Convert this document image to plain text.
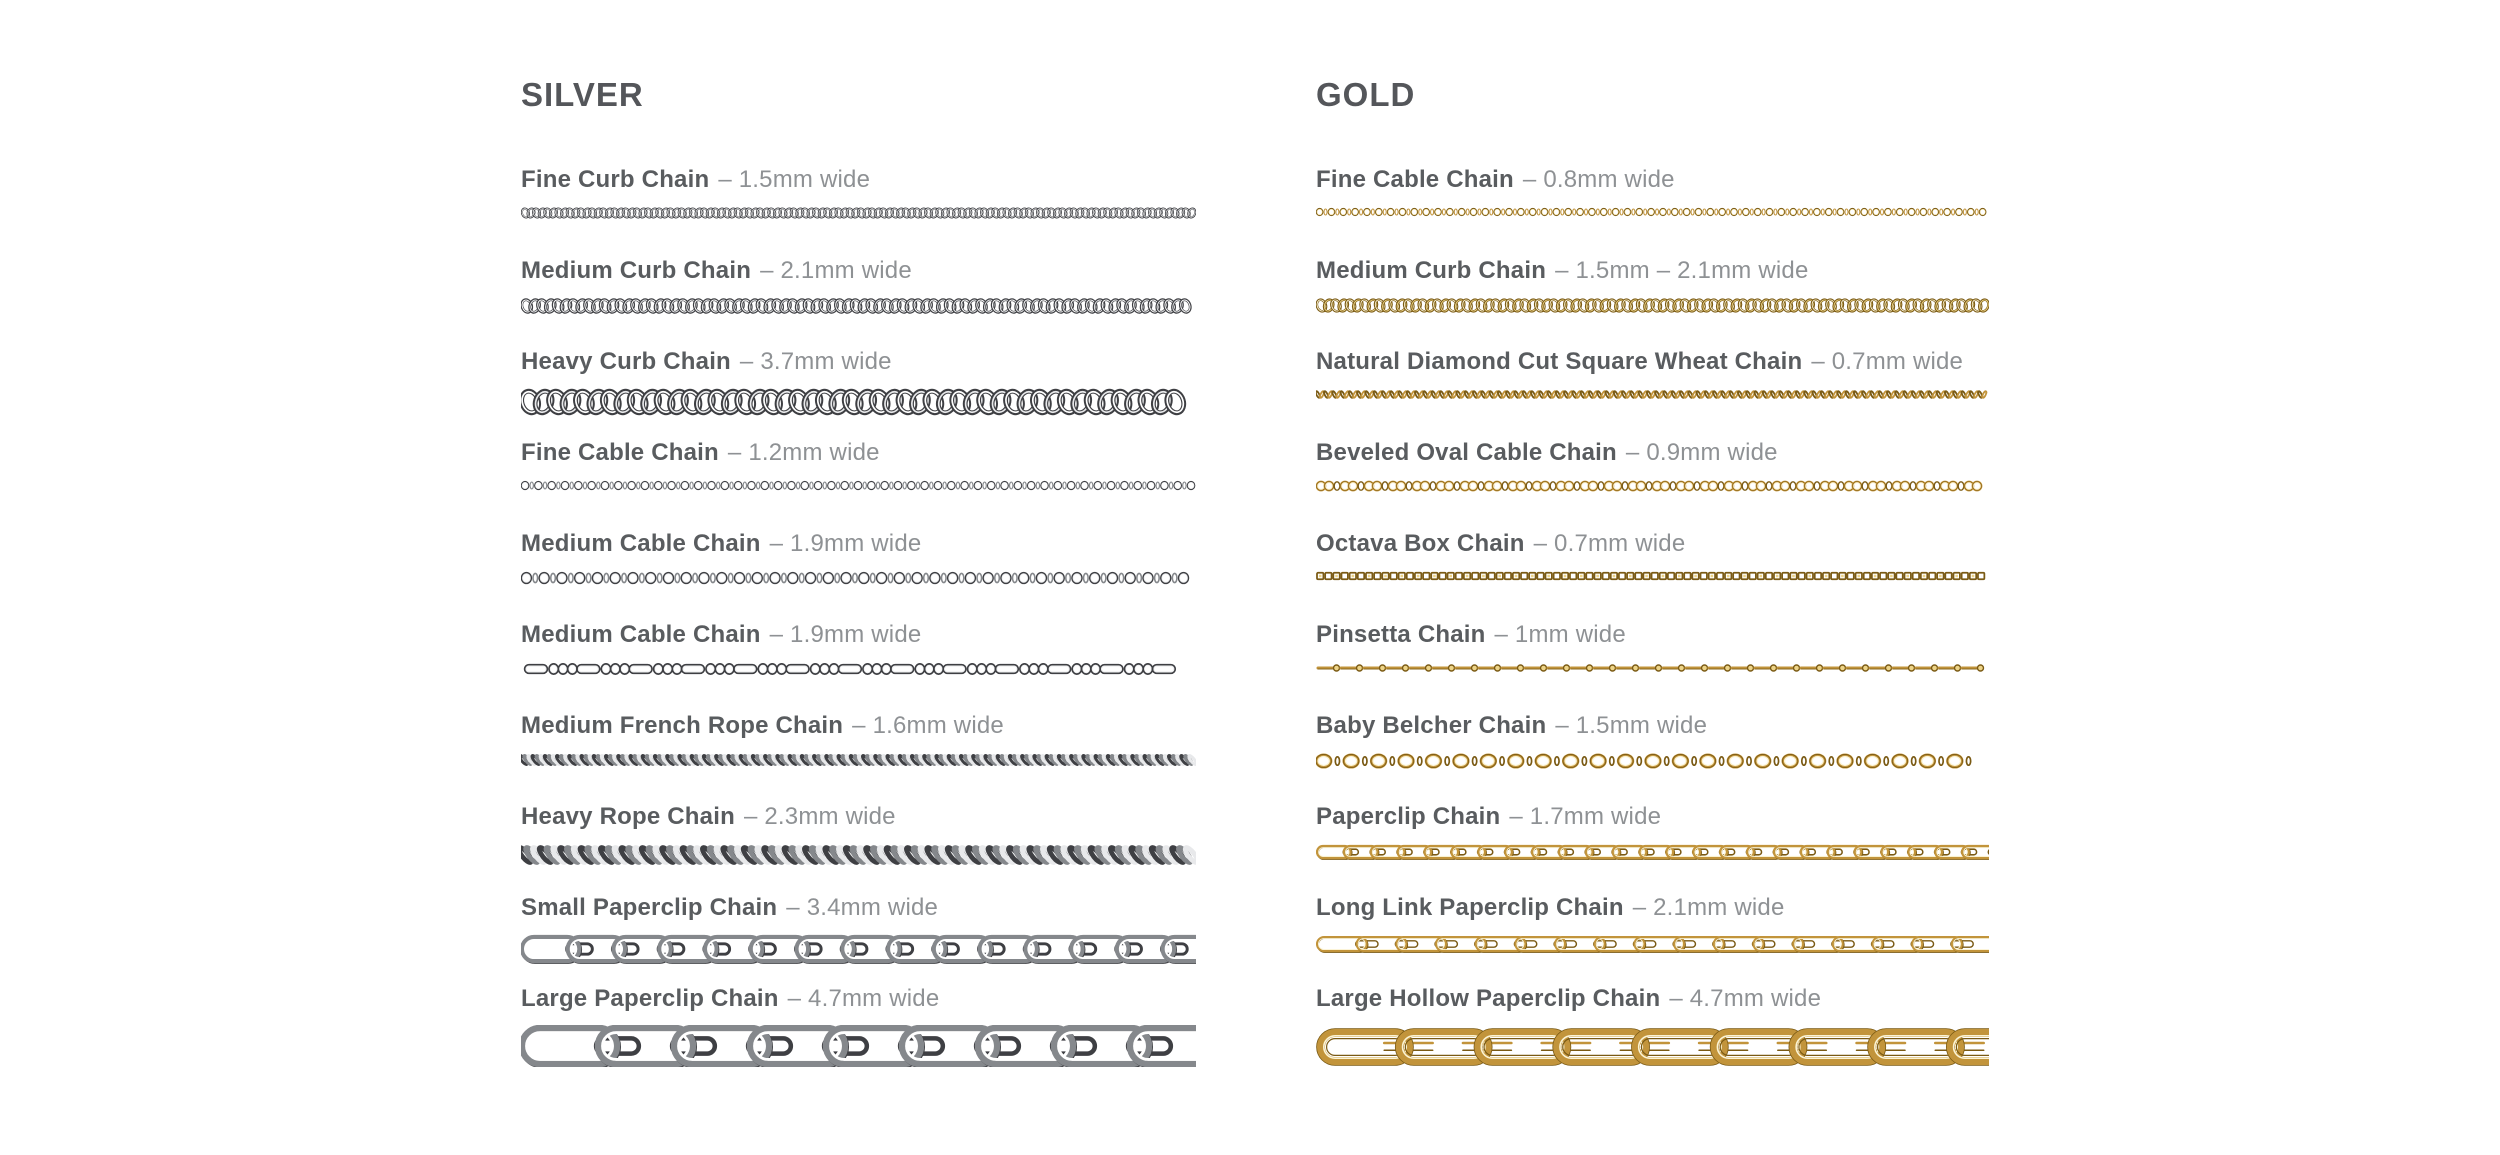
SILVER
Fine Curb Chain – 1.5mm wide
Medium Curb Chain – 2.1mm wide
Heavy Curb Chain – 3.7mm wide
Fine Cable Chain – 1.2mm wide
Medium Cable Chain – 1.9mm wide
Medium Cable Chain – 1.9mm wide
Medium French Rope Chain – 1.6mm wide
Heavy Rope Chain – 2.3mm wide
Small Paperclip Chain – 3.4mm wide
Large Paperclip Chain – 4.7mm wide
GOLD
Fine Cable Chain – 0.8mm wide
Medium Curb Chain – 1.5mm – 2.1mm wide
Natural Diamond Cut Square Wheat Chain – 0.7mm wide
Beveled Oval Cable Chain – 0.9mm wide
Octava Box Chain – 0.7mm wide
Pinsetta Chain – 1mm wide
Baby Belcher Chain – 1.5mm wide
Paperclip Chain – 1.7mm wide
Long Link Paperclip Chain – 2.1mm wide
Large Hollow Paperclip Chain – 4.7mm wide
